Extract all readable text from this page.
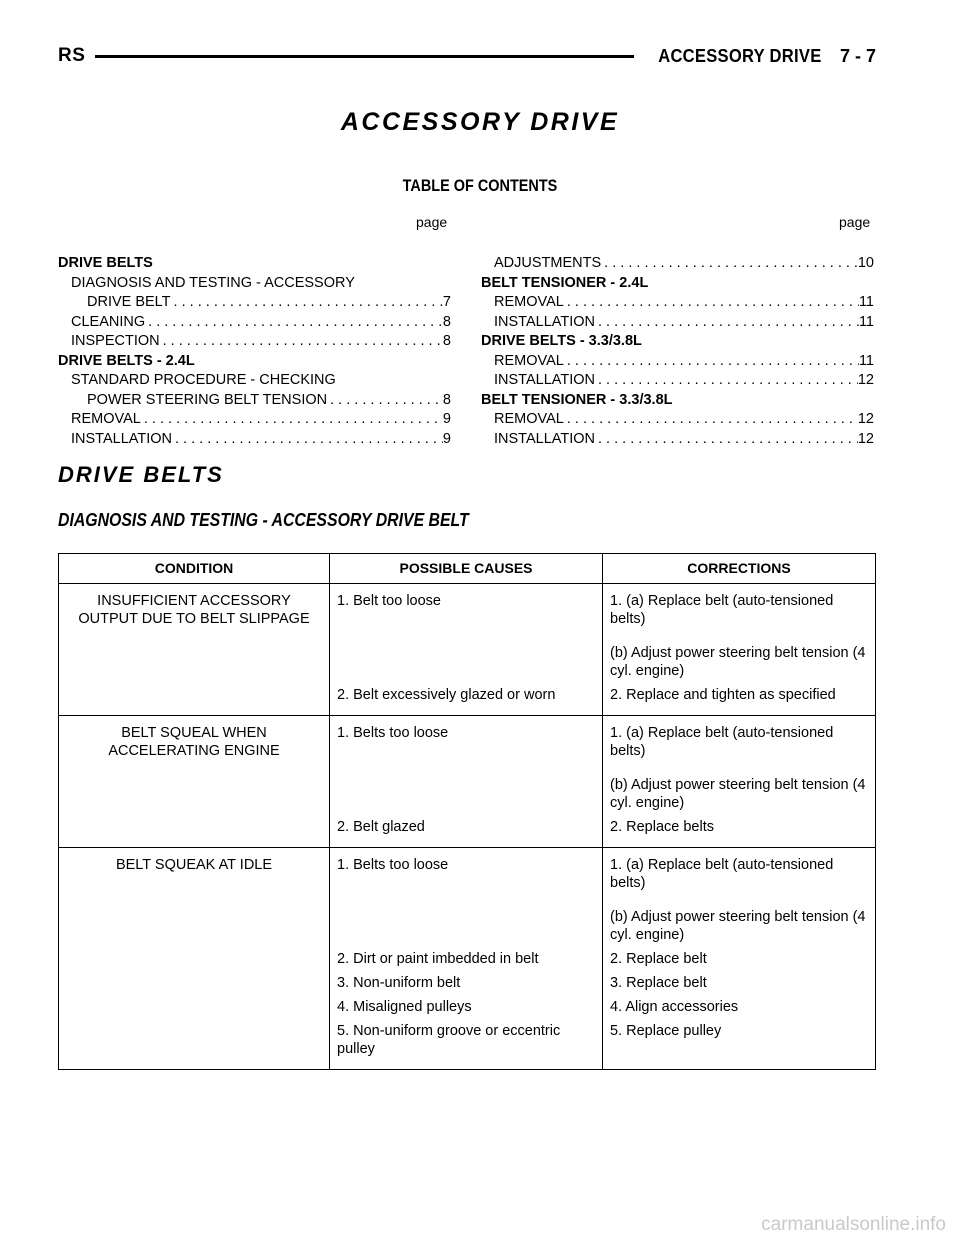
RS	ACCESSORY DRIVE 7 - 7
ACCESSORY DRIVE
TABLE OF CONTENTS
page	page
DRIVE BELTS
DIAGNOSIS AND TESTING - ACCESSORY
DRIVE BELT . . .	7
CLEANING . . .	8
INSPECTION . . .	8
DRIVE BELTS - 2.4L
STANDARD PROCEDURE - CHECKING
POWER STEERING BELT TENSION . . .	8
REMOVAL . . .	9
INSTALLATION . . .	9
ADJUSTMENTS . . .	10
BELT TENSIONER - 2.4L
REMOVAL . . .	11
INSTALLATION . . .	11
DRIVE BELTS - 3.3/3.8L
REMOVAL . . .	11
INSTALLATION . . .	12
BELT TENSIONER - 3.3/3.8L
REMOVAL . . .	12
INSTALLATION . . .	12
DRIVE BELTS
DIAGNOSIS AND TESTING - ACCESSORY DRIVE BELT
CONDITION	POSSIBLE CAUSES	CORRECTIONS
INSUFFICIENT ACCESSORY OUTPUT DUE TO BELT SLIPPAGE	1. Belt too loose	1. (a) Replace belt (auto-tensioned belts)
(b) Adjust power steering belt tension (4 cyl. engine)

	2. Belt excessively glazed or worn	2. Replace and tighten as specified

BELT SQUEAL WHEN ACCELERATING ENGINE	1. Belts too loose	1. (a) Replace belt (auto-tensioned belts)
(b) Adjust power steering belt tension (4 cyl. engine)

	2. Belt glazed	2. Replace belts

BELT SQUEAK AT IDLE	1. Belts too loose	1. (a) Replace belt (auto-tensioned belts)
(b) Adjust power steering belt tension (4 cyl. engine)

	2. Dirt or paint imbedded in belt	2. Replace belt

	3. Non-uniform belt	3. Replace belt

	4. Misaligned pulleys	4. Align accessories

	5. Non-uniform groove or eccentric pulley	5. Replace pulley
carmanualsonline.info
